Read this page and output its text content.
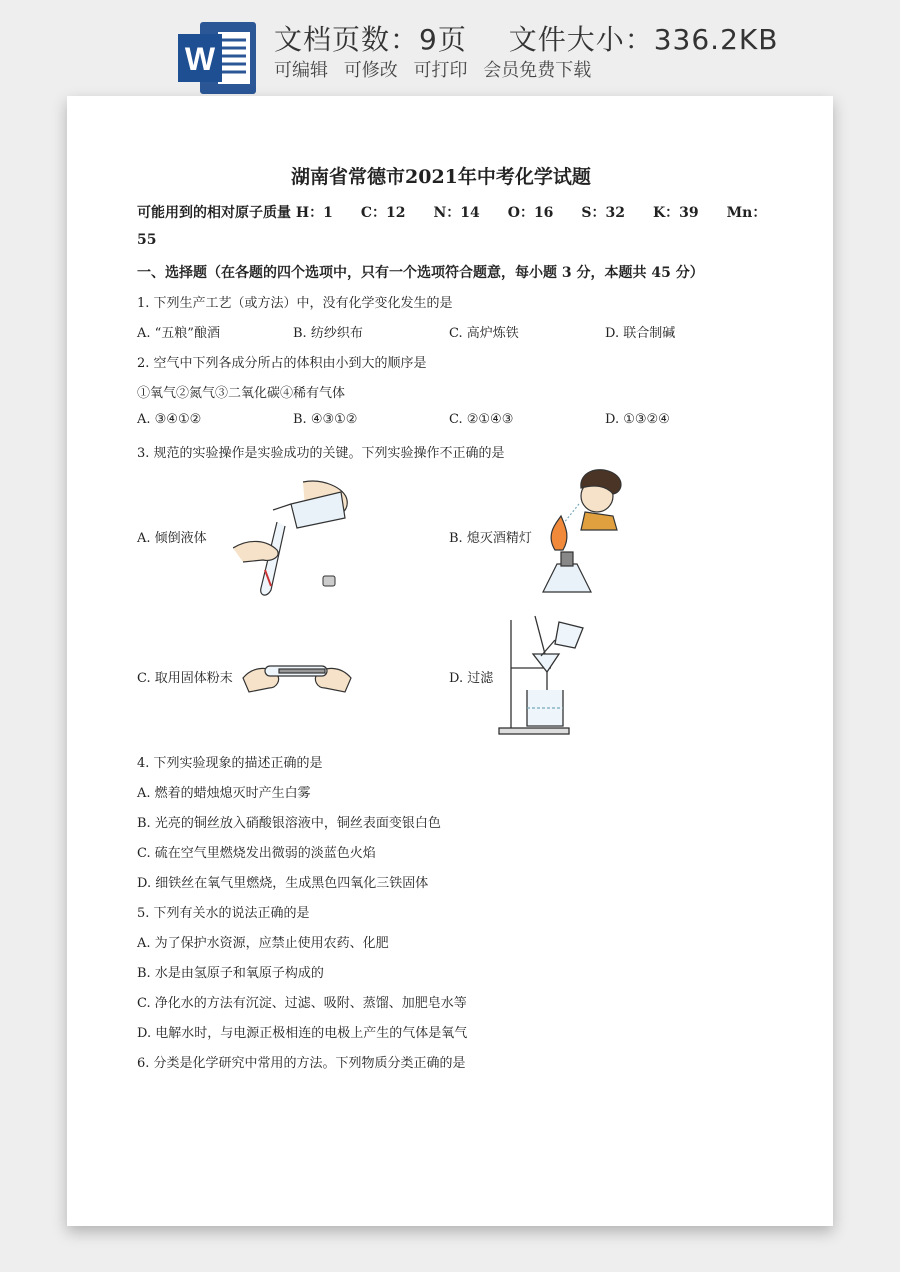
W
文档页数：9页 文件大小：336.2KB
可编辑 可修改 可打印 会员免费下载
湖南省常德市2021年中考化学试题
可能用到的相对原子质量 H：1　　C：12　　N：14　　O：16　　S：32　　K：39　　Mn：
55
一、选择题（在各题的四个选项中，只有一个选项符合题意，每小题 3 分，本题共 45 分）
1. 下列生产工艺（或方法）中，没有化学变化发生的是
A. “五粮”酿酒	B. 纺纱织布	C. 高炉炼铁	D. 联合制碱
2. 空气中下列各成分所占的体积由小到大的顺序是
①氧气②氮气③二氧化碳④稀有气体
A. ③④①②	B. ④③①②	C. ②①④③	D. ①③②④
3. 规范的实验操作是实验成功的关键。下列实验操作不正确的是
A. 倾倒液体	B. 熄灭酒精灯
C. 取用固体粉末	D. 过滤
4. 下列实验现象的描述正确的是
A. 燃着的蜡烛熄灭时产生白雾
B. 光亮的铜丝放入硝酸银溶液中，铜丝表面变银白色
C. 硫在空气里燃烧发出微弱的淡蓝色火焰
D. 细铁丝在氧气里燃烧，生成黑色四氧化三铁固体
5. 下列有关水的说法正确的是
A. 为了保护水资源，应禁止使用农药、化肥
B. 水是由氢原子和氧原子构成的
C. 净化水的方法有沉淀、过滤、吸附、蒸馏、加肥皂水等
D. 电解水时，与电源正极相连的电极上产生的气体是氧气
6. 分类是化学研究中常用的方法。下列物质分类正确的是
